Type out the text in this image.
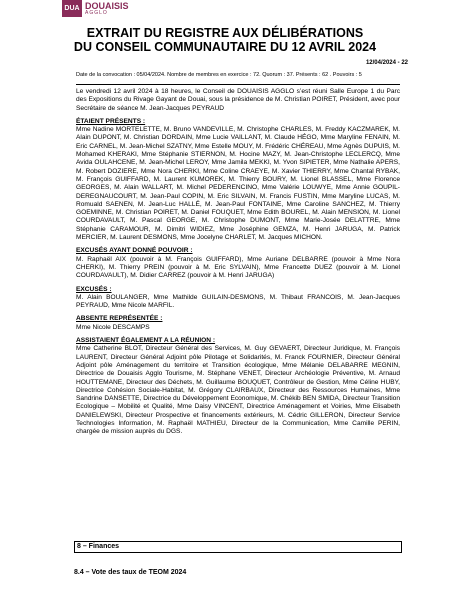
DUA DOUAISIS
AGGLO
EXTRAIT DU REGISTRE AUX DÉLIBÉRATIONS
DU CONSEIL COMMUNAUTAIRE DU 12 AVRIL 2024
12/04/2024 - 22
Date de la convocation : 05/04/2024. Nombre de membres en exercice : 72. Quorum : 37. Présents : 62 . Pouvoirs : 5

Le vendredi 12 avril 2024 à 18 heures, le Conseil de DOUAISIS AGGLO s’est réuni Salle Europe 1 du Parc des Expositions du Rivage Gayant de Douai, sous la présidence de M. Christian POIRET, Président, avec pour Secrétaire de séance M. Jean-Jacques PEYRAUD

ÉTAIENT PRÉSENTS :
Mme Nadine MORTELETTE, M. Bruno VANDEVILLE, M. Christophe CHARLES, M. Freddy KACZMAREK, M. Alain DUPONT, M. Christian DORDAIN, Mme Lucie VAILLANT, M. Claude HÉGO, Mme Maryline FENAIN, M. Eric CARNEL, M. Jean-Michel SZATNY, Mme Estelle MOUY, M. Frédéric CHÉREAU, Mme Agnès DUPUIS, M. Mohamed KHERAKI, Mme Stéphanie STIERNON, M. Hocine MAZY, M. Jean-Christophe LECLERCQ, Mme Avida OULAHCENE, M. Jean-Michel LEROY, Mme Jamila MEKKI, M. Yvon SIPIETER, Mme Nathalie APERS, M. Robert DOZIERE, Mme Nora CHERKI, Mme Coline CRAEYE, M. Xavier THIERRY, Mme Chantal RYBAK, M. François GUIFFARD, M. Laurent KUMOREK, M. Thierry BOURY, M. Lionel BLASSEL, Mme Florence GEORGES, M. Alain WALLART, M. Michel PEDERENCINO, Mme Valérie LOUWYE, Mme Annie GOUPIL-DEREGNAUCOURT, M. Jean-Paul COPIN, M. Eric SILVAIN, M. Francis FUSTIN, Mme Maryline LUCAS, M. Romuald SAENEN, M. Jean-Luc HALLÉ, M. Jean-Paul FONTAINE, Mme Caroline SANCHEZ, M. Thierry GOEMINNE, M. Christian POIRET, M. Daniel FOUQUET, Mme Edith BOUREL, M. Alain MENSION, M. Lionel COURDAVAULT, M. Pascal GEORGE, M. Christophe DUMONT, Mme Marie-Josée DELATTRE, Mme Stéphanie CARAMOUR, M. Dimitri WIDIEZ, Mme Joséphine GEMZA, M. Henri JARUGA, M. Patrick MERCIER, M. Laurent DESMONS, Mme Jocelyne CHARLET, M. Jacques MICHON.

EXCUSÉS AYANT DONNÉ POUVOIR :
M. Raphaël AIX (pouvoir à M. François GUIFFARD), Mme Auriane DELBARRE (pouvoir à Mme Nora CHERKI), M. Thierry PREIN (pouvoir à M. Eric SYLVAIN), Mme Francette DUEZ (pouvoir à M. Lionel COURDAVAULT), M. Didier CARREZ (pouvoir à M. Henri JARUGA)

EXCUSÉS :
M. Alain BOULANGER, Mme Mathilde GUILAIN-DESMONS, M. Thibaut FRANCOIS, M. Jean-Jacques PEYRAUD, Mme Nicole MARFIL.

ABSENTE REPRÉSENTÉE :
Mme Nicole DESCAMPS

ASSISTAIENT ÉGALEMENT A LA RÉUNION :
Mme Catherine BLOT, Directeur Général des Services, M. Guy GEVAERT, Directeur Juridique, M. François LAURENT, Directeur Général Adjoint pôle Pilotage et Solidarités, M. Franck FOURNIER, Directeur Général Adjoint pôle Aménagement du territoire et Transition écologique, Mme Mélanie DELABARRE MEGNIN, Directrice de Douaisis Agglo Tourisme, M. Stéphane VENET, Directeur Archéologie Préventive, M. Arnaud HOUTTEMANE, Directeur des Déchets, M. Guillaume BOUQUET, Contrôleur de Gestion, Mme Céline HUBY, Directrice Cohésion Sociale-Habitat, M. Grégory CLAIRBAUX, Directeur des Ressources Humaines, Mme Sandrine DANSETTE, Directrice du Développement Economique, M. Chékib BEN SMIDA, Directeur Transition Ecologique – Mobilité et Qualité, Mme Daisy VINCENT, Directrice Aménagement et Voiries, Mme Elisabeth DANIELEWSKI, Directeur Prospective et financements extérieurs, M. Cédric GILLERON, Directeur Service Technologies Information, M. Raphaël MATHIEU, Directeur de la Communication, Mme Camille PERIN, chargée de mission auprès du DGS.

8 – Finances
8.4 – Vote des taux de TEOM 2024
